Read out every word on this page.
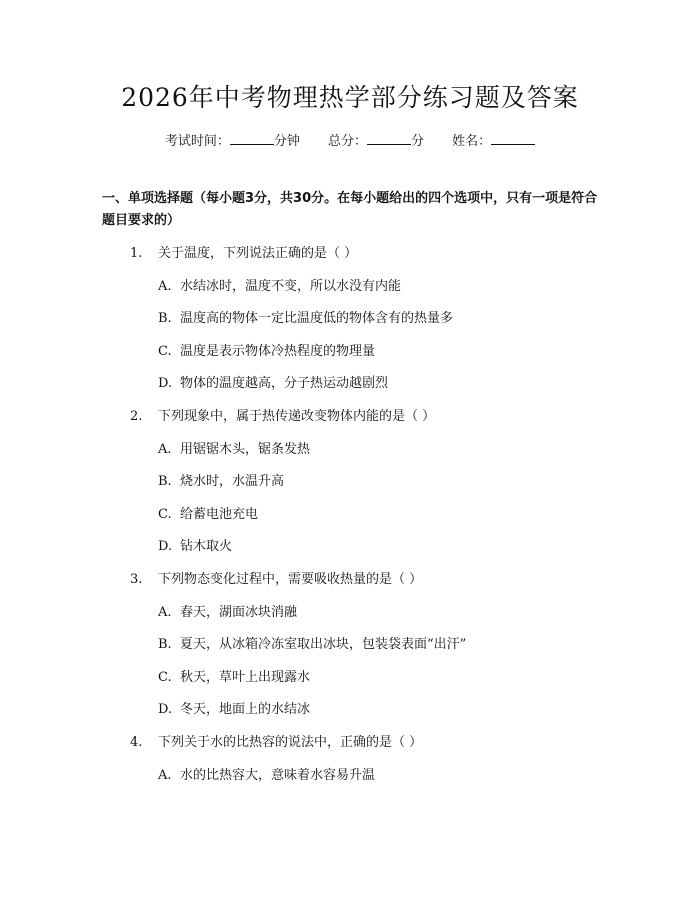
2026年中考物理热学部分练习题及答案
考试时间：	分钟 总分：	分 姓名：
一、单项选择题（每小题3分，共30分。在每小题给出的四个选项中，只有一项是符合题目要求的）
1. 关于温度，下列说法正确的是（ ）
A. 水结冰时，温度不变，所以水没有内能
B. 温度高的物体一定比温度低的物体含有的热量多
C. 温度是表示物体冷热程度的物理量
D. 物体的温度越高，分子热运动越剧烈
2. 下列现象中，属于热传递改变物体内能的是（ ）
A. 用锯锯木头，锯条发热
B. 烧水时，水温升高
C. 给蓄电池充电
D. 钻木取火
3. 下列物态变化过程中，需要吸收热量的是（ ）
A. 春天，湖面冰块消融
B. 夏天，从冰箱冷冻室取出冰块，包装袋表面“出汗”
C. 秋天，草叶上出现露水
D. 冬天，地面上的水结冰
4. 下列关于水的比热容的说法中，正确的是（ ）
A. 水的比热容大，意味着水容易升温
